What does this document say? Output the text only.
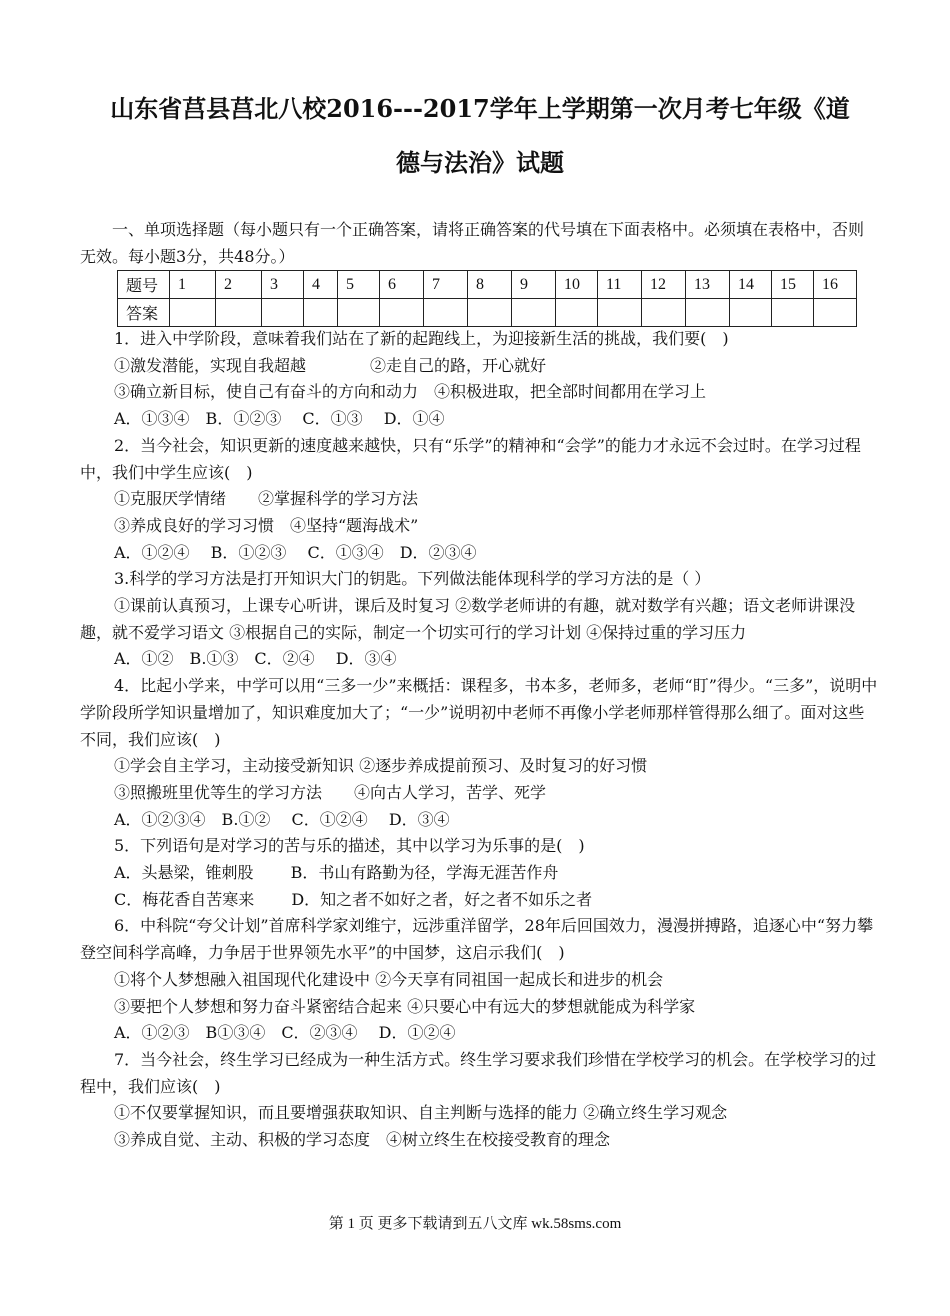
山东省莒县莒北八校2016---2017学年上学期第一次月考七年级《道
德与法治》试题
一、单项选择题（每小题只有一个正确答案，请将正确答案的代号填在下面表格中。必须填在表格中，否则无效。每小题3分，共48分。）
题号	1	2	3	4	5	6	7	8	9	10	11	12	13	14	15	16
答案																

1．进入中学阶段，意味着我们站在了新的起跑线上，为迎接新生活的挑战，我们要(　)

①激发潜能，实现自我超越　　　　②走自己的路，开心就好

③确立新目标，使自己有奋斗的方向和动力　④积极进取，把全部时间都用在学习上

A．①③④　B．①②③　 C．①③　 D．①④

2．当今社会，知识更新的速度越来越快，只有“乐学”的精神和“会学”的能力才永远不会过时。在学习过程中，我们中学生应该(　)

①克服厌学情绪　　②掌握科学的学习方法

③养成良好的学习习惯　④坚持“题海战术”

A．①②④　 B．①②③　 C．①③④　D．②③④

3.科学的学习方法是打开知识大门的钥匙。下列做法能体现科学的学习方法的是（ ）

①课前认真预习，上课专心听讲，课后及时复习 ②数学老师讲的有趣，就对数学有兴趣；语文老师讲课没趣，就不爱学习语文 ③根据自己的实际，制定一个切实可行的学习计划 ④保持过重的学习压力

A．①②　B.①③　C．②④　 D．③④

4．比起小学来，中学可以用“三多一少”来概括：课程多，书本多，老师多，老师“盯”得少。“三多”，说明中学阶段所学知识量增加了，知识难度加大了；“一少”说明初中老师不再像小学老师那样管得那么细了。面对这些不同，我们应该(　)

①学会自主学习，主动接受新知识 ②逐步养成提前预习、及时复习的好习惯

③照搬班里优等生的学习方法　　④向古人学习，苦学、死学

A．①②③④　B.①②　 C．①②④　 D．③④

5．下列语句是对学习的苦与乐的描述，其中以学习为乐事的是(　)

A．头悬梁，锥刺股　　 B．书山有路勤为径，学海无涯苦作舟

C．梅花香自苦寒来　　 D．知之者不如好之者，好之者不如乐之者

6．中科院“夸父计划”首席科学家刘维宁，远涉重洋留学，28年后回国效力，漫漫拼搏路，追逐心中“努力攀登空间科学高峰，力争居于世界领先水平”的中国梦，这启示我们(　)

①将个人梦想融入祖国现代化建设中 ②今天享有同祖国一起成长和进步的机会

③要把个人梦想和努力奋斗紧密结合起来 ④只要心中有远大的梦想就能成为科学家

A．①②③　B①③④　C．②③④　 D．①②④

7．当今社会，终生学习已经成为一种生活方式。终生学习要求我们珍惜在学校学习的机会。在学校学习的过程中，我们应该(　)

①不仅要掌握知识，而且要增强获取知识、自主判断与选择的能力 ②确立终生学习观念

③养成自觉、主动、积极的学习态度　④树立终生在校接受教育的理念

第 1 页 更多下载请到五八文库 wk.58sms.com
